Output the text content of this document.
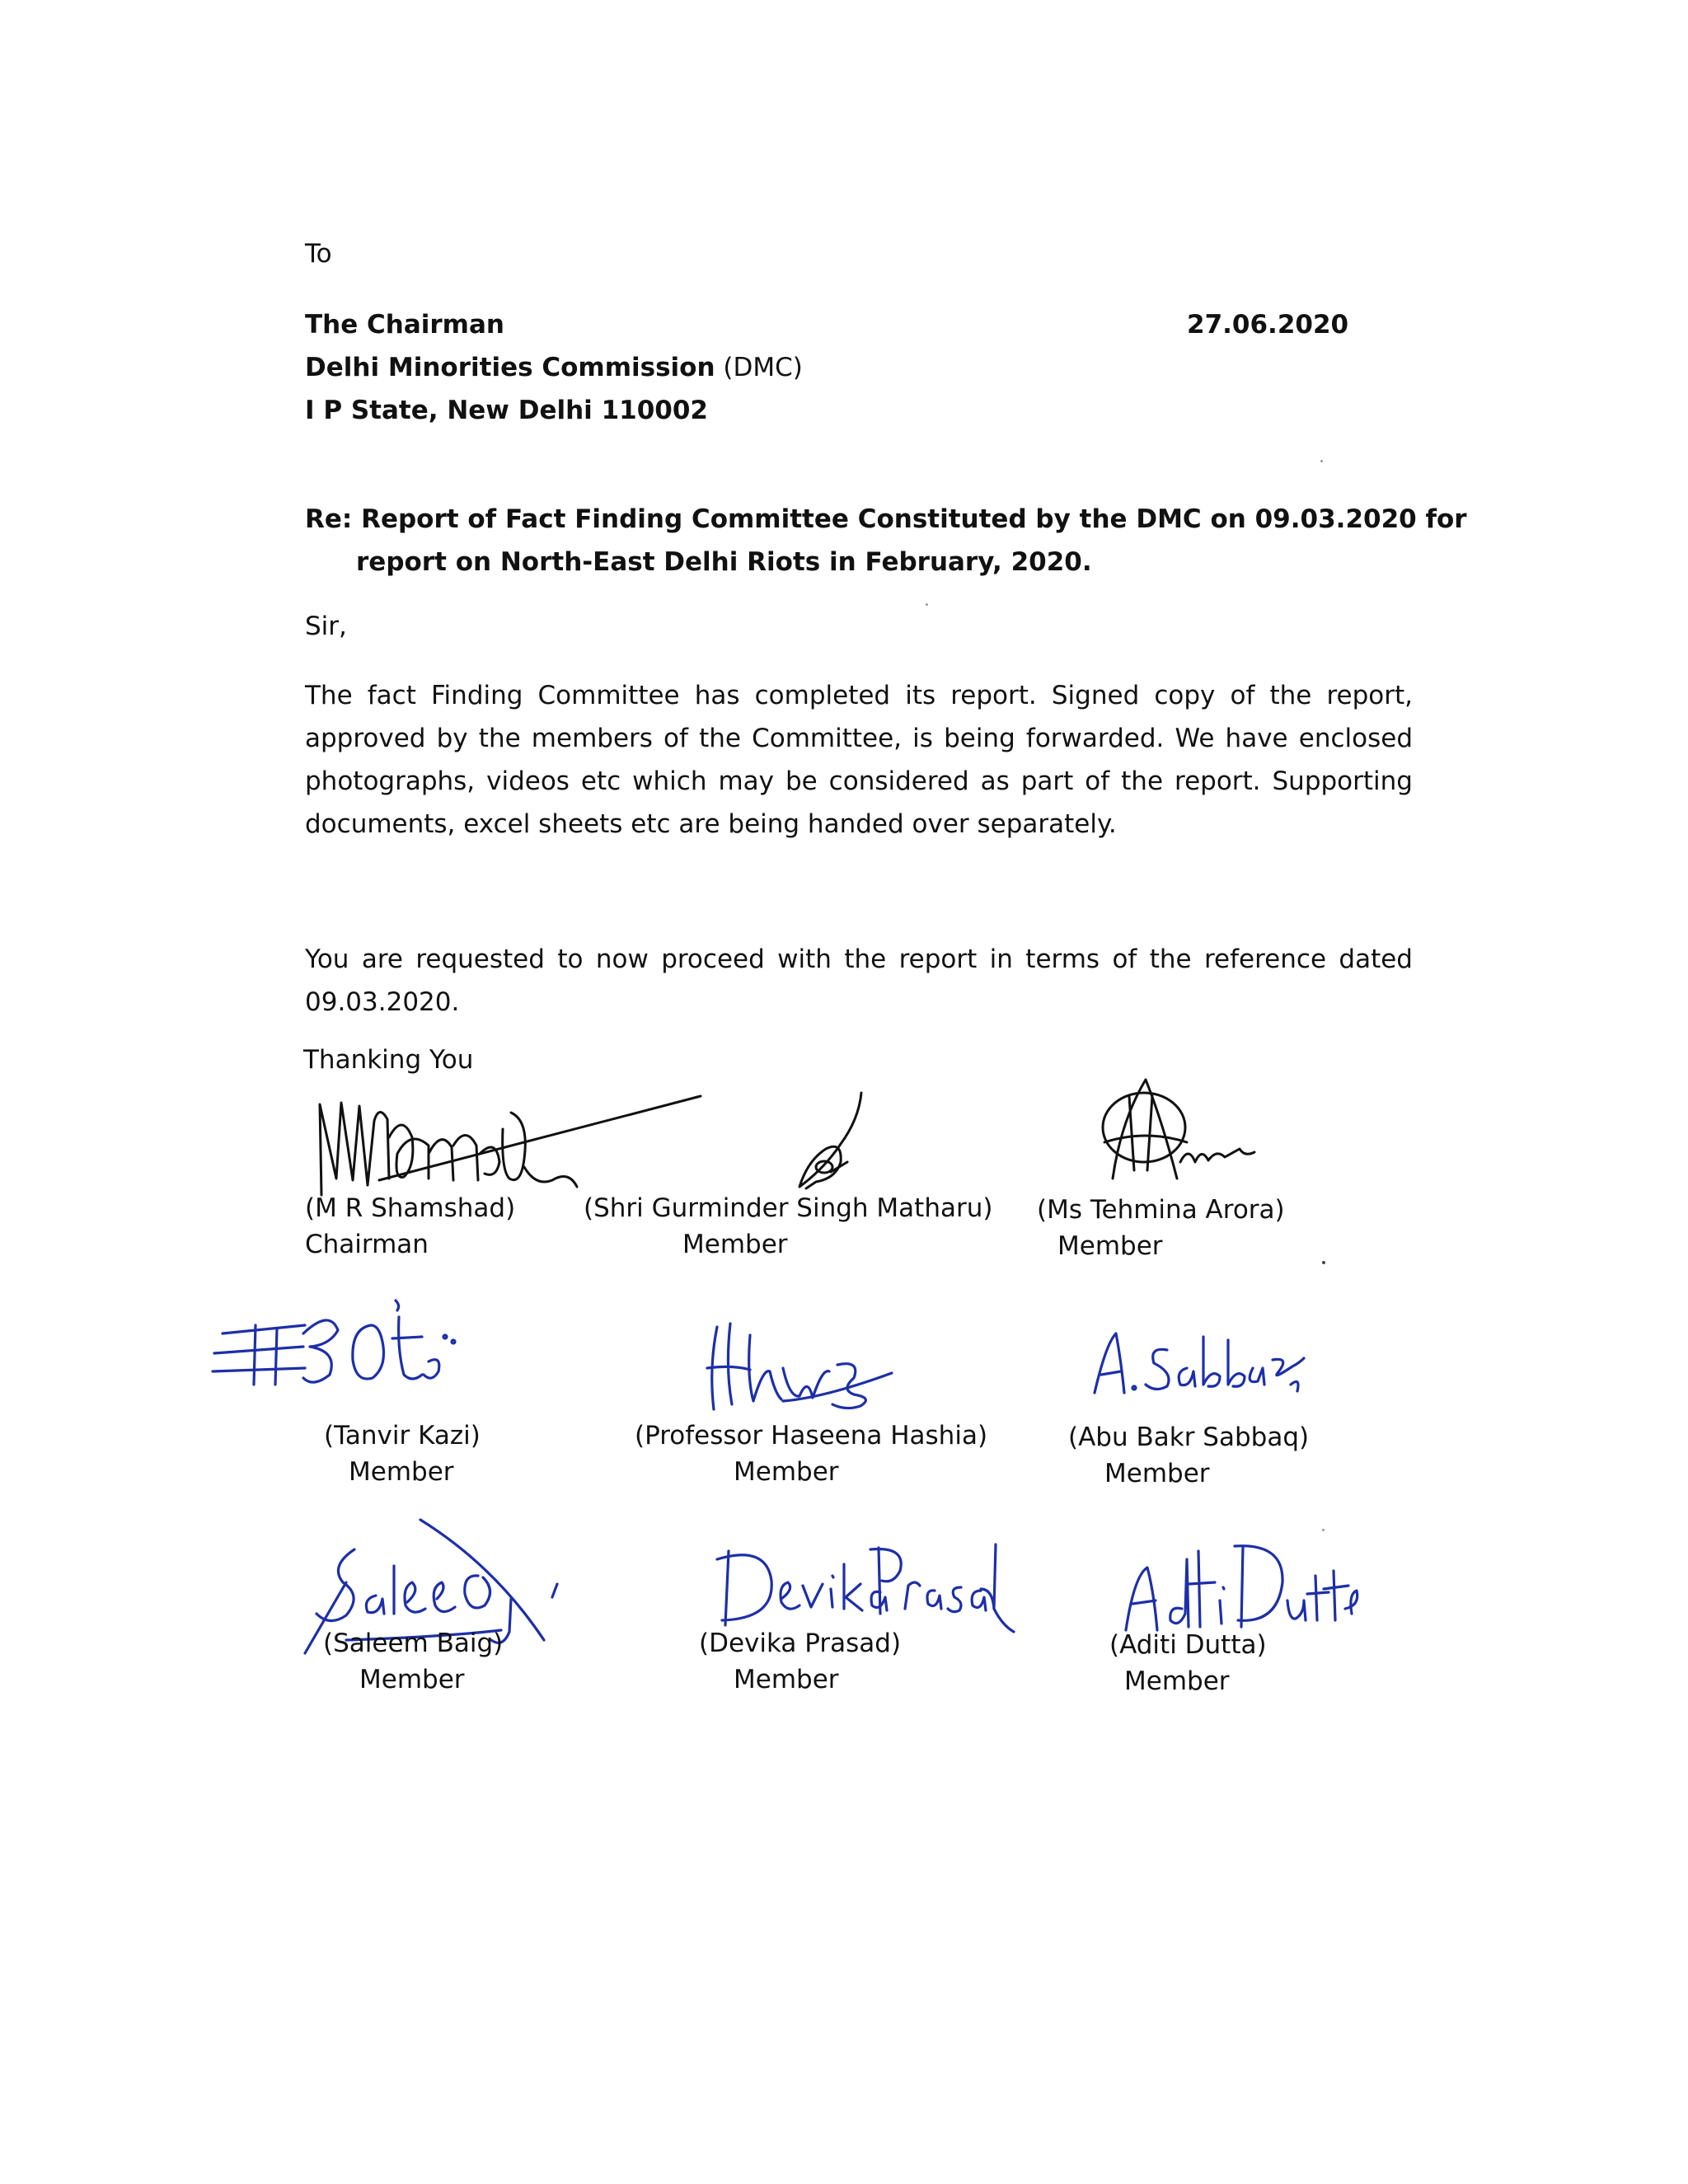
To
The Chairman	27.06.2020
Delhi Minorities Commission (DMC)
I P State, New Delhi 110002
Re: Report of Fact Finding Committee Constituted by the DMC on 09.03.2020 for
report on North-East Delhi Riots in February, 2020.
Sir,
The fact Finding Committee has completed its report. Signed copy of the report,
approved by the members of the Committee, is being forwarded. We have enclosed
photographs, videos etc which may be considered as part of the report. Supporting
documents, excel sheets etc are being handed over separately.
You are requested to now proceed with the report in terms of the reference dated
09.03.2020.
Thanking You
(M R Shamshad)
Chairman
(Shri Gurminder Singh Matharu)
Member
(Ms Tehmina Arora)
Member
(Tanvir Kazi)
Member
(Professor Haseena Hashia)
Member
(Abu Bakr Sabbaq)
Member
(Saleem Baig)
Member
(Devika Prasad)
Member
(Aditi Dutta)
Member
